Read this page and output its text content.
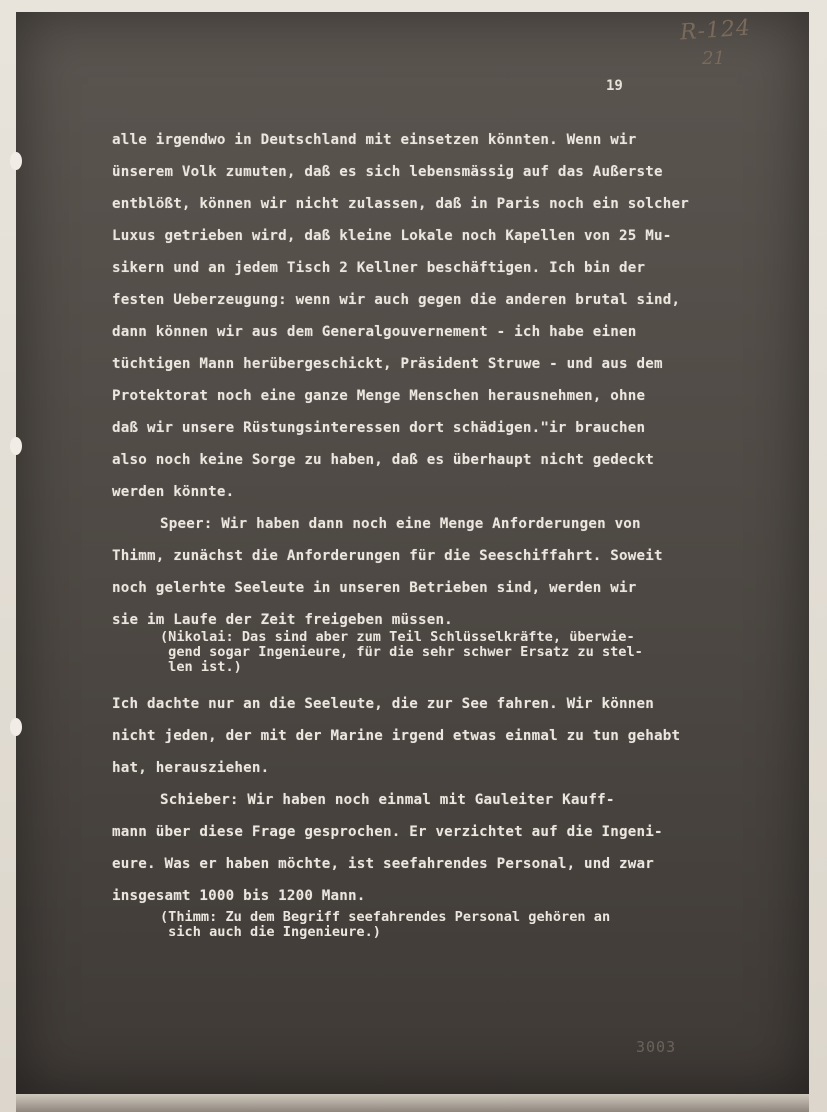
R-124
21
19
alle irgendwo in Deutschland mit einsetzen könnten. Wenn wir
ünserem Volk zumuten, daß es sich lebensmässig auf das Außerste
entblößt, können wir nicht zulassen, daß in Paris noch ein solcher
Luxus getrieben wird, daß kleine Lokale noch Kapellen von 25 Mu-
sikern und an jedem Tisch 2 Kellner beschäftigen. Ich bin der
festen Ueberzeugung: wenn wir auch gegen die anderen brutal sind,
dann können wir aus dem Generalgouvernement - ich habe einen
tüchtigen Mann herübergeschickt, Präsident Struwe - und aus dem
Protektorat noch eine ganze Menge Menschen herausnehmen, ohne
daß wir unsere Rüstungsinteressen dort schädigen."ir brauchen
also noch keine Sorge zu haben, daß es überhaupt nicht gedeckt
werden könnte.
Speer: Wir haben dann noch eine Menge Anforderungen von
Thimm, zunächst die Anforderungen für die Seeschiffahrt. Soweit
noch gelerhte Seeleute in unseren Betrieben sind, werden wir
sie im Laufe der Zeit freigeben müssen.
(Nikolai: Das sind aber zum Teil Schlüsselkräfte, überwie-
gend sogar Ingenieure, für die sehr schwer Ersatz zu stel-
len ist.)
Ich dachte nur an die Seeleute, die zur See fahren. Wir können
nicht jeden, der mit der Marine irgend etwas einmal zu tun gehabt
hat, herausziehen.
Schieber: Wir haben noch einmal mit Gauleiter Kauff-
mann über diese Frage gesprochen. Er verzichtet auf die Ingeni-
eure. Was er haben möchte, ist seefahrendes Personal, und zwar
insgesamt 1000 bis 1200 Mann.
(Thimm: Zu dem Begriff seefahrendes Personal gehören an
sich auch die Ingenieure.)
3003
